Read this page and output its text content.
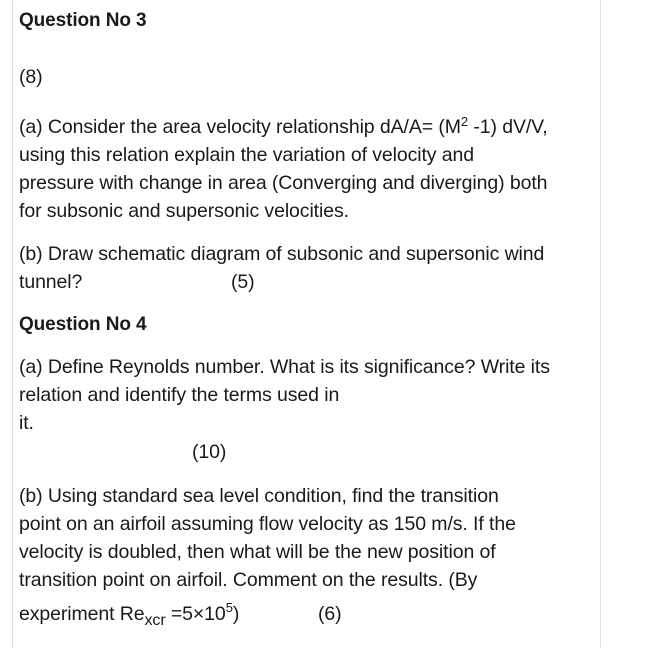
Question No 3
(8)
(a) Consider the area velocity relationship $dA/A= (M^2$ -1) dV/V,
using this relation explain the variation of velocity and
pressure with change in area (Converging and diverging) both
for subsonic and supersonic velocities.
(b) Draw schematic diagram of subsonic and supersonic wind
tunnel?	(5)
Question No 4
(a) Define Reynolds number. What is its significance? Write its
relation and identify the terms used in
it.
(10)
(b) Using standard sea level condition, find the transition
point on an airfoil assuming flow velocity as 150 m/s. If the
velocity is doubled, then what will be the new position of
transition point on airfoil. Comment on the results. (By
experiment $Re_{xcr} =5\times 10^5$)	(6)
